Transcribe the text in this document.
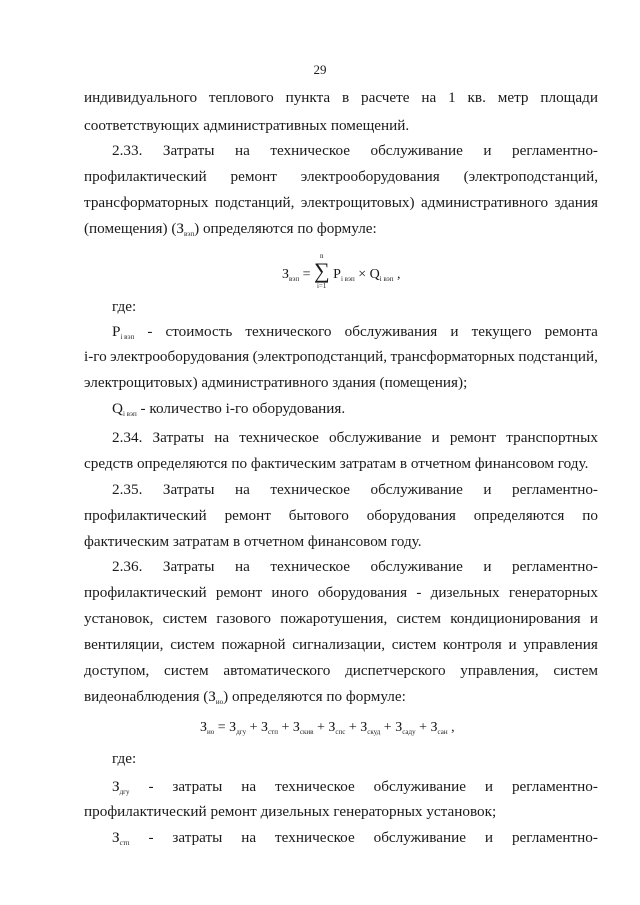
29
индивидуального теплового пункта в расчете на 1 кв. метр площади
соответствующих административных помещений.
2.33. Затраты на техническое обслуживание и регламентно-
профилактический ремонт электрооборудования (электроподстанций,
трансформаторных подстанций, электрощитовых) административного здания
(помещения) $(З_{вэп})$ определяются по формуле:
где:
$P_{i вэп}$ - стоимость технического обслуживания и текущего ремонта
i-го электрооборудования (электроподстанций, трансформаторных подстанций,
электрощитовых) административного здания (помещения);
$Q_{i вэп}$ - количество i-го оборудования.
2.34. Затраты на техническое обслуживание и ремонт транспортных
средств определяются по фактическим затратам в отчетном финансовом году.
2.35. Затраты на техническое обслуживание и регламентно-
профилактический ремонт бытового оборудования определяются по
фактическим затратам в отчетном финансовом году.
2.36. Затраты на техническое обслуживание и регламентно-
профилактический ремонт иного оборудования - дизельных генераторных
установок, систем газового пожаротушения, систем кондиционирования и
вентиляции, систем пожарной сигнализации, систем контроля и управления
доступом, систем автоматического диспетчерского управления, систем
видеонаблюдения $(З_{ио})$ определяются по формуле:
где:
$З_{дгу}$ - затраты на техническое обслуживание и регламентно-
профилактический ремонт дизельных генераторных установок;
$З_{стп}$ - затраты на техническое обслуживание и регламентно-
$З_{вэп}$ = ∑
n
i=1
$P_{i вэп} \times Q_{i вэп}$ ,
$З_{ио} = З_{дгу} + З_{стп} + З_{скив} + З_{спс} + З_{скуд} + З_{саду} + З_{сан}$ ,
